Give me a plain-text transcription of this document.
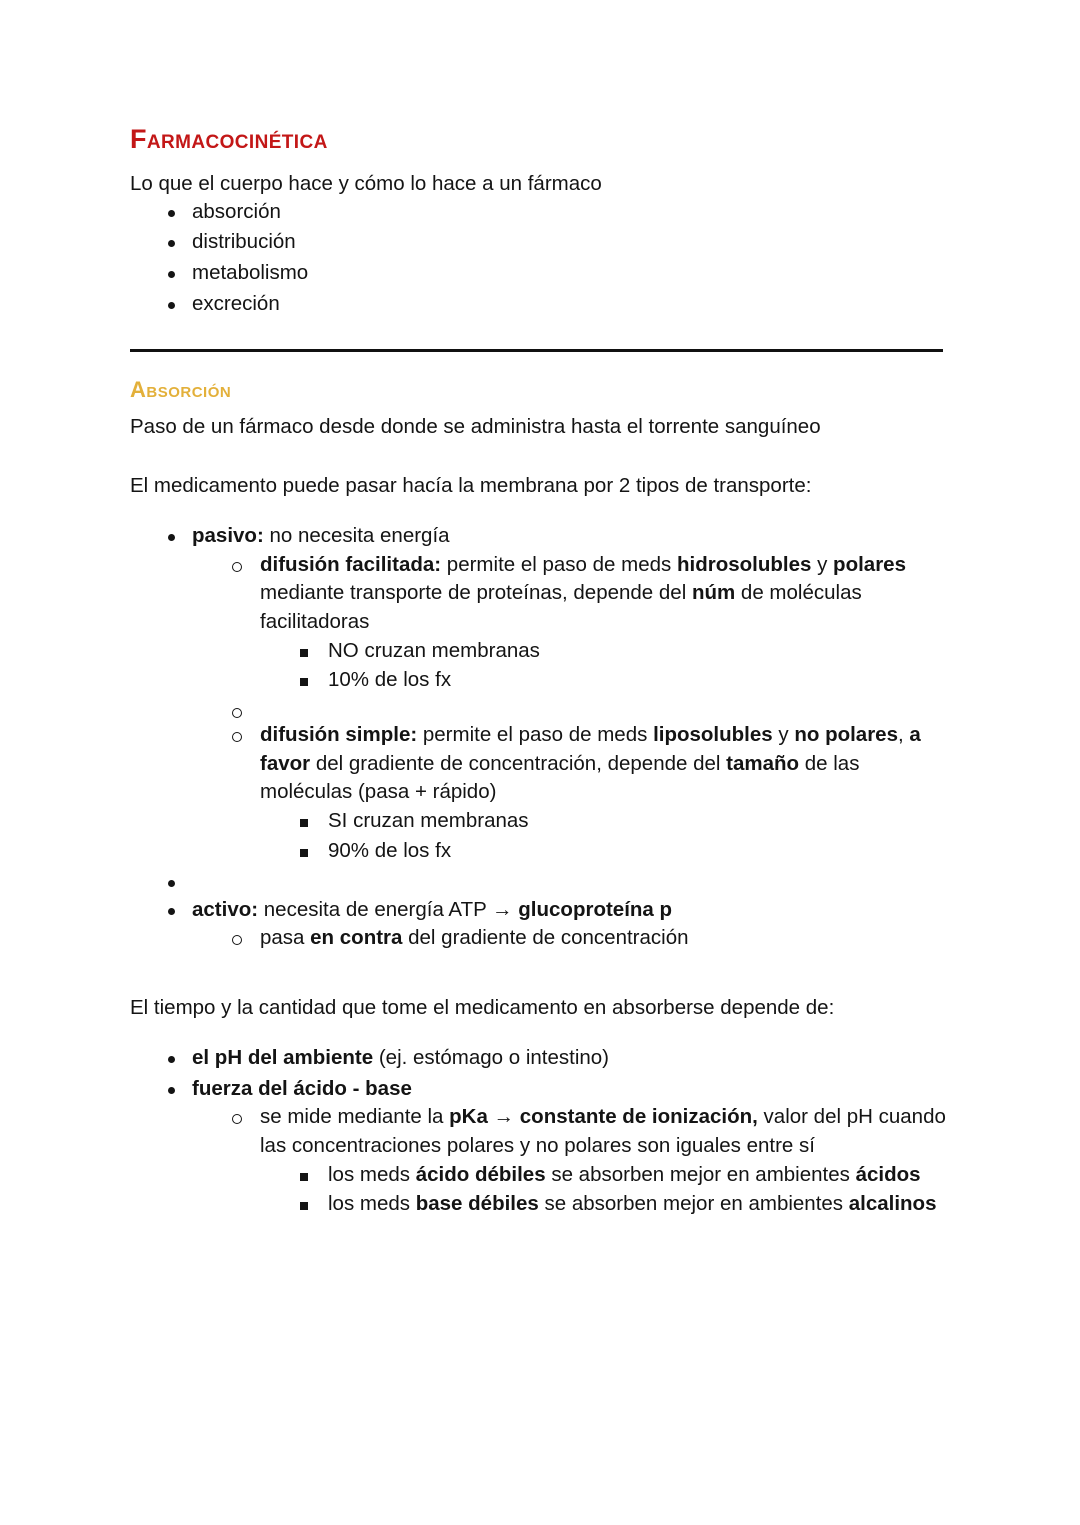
Farmacocinética

Lo que el cuerpo hace y cómo lo hace a un fármaco

absorción
distribución
metabolismo
excreción
Absorción

Paso de un fármaco desde donde se administra hasta el torrente sanguíneo

El medicamento puede pasar hacía la membrana por 2 tipos de transporte:

pasivo: no necesita energía
difusión facilitada: permite el paso de meds hidrosolubles y polares mediante transporte de proteínas, depende del núm de moléculas facilitadoras
NO cruzan membranas
10% de los fx
difusión simple: permite el paso de meds liposolubles y no polares, a favor del gradiente de concentración, depende del tamaño de las moléculas (pasa + rápido)
SI cruzan membranas
90% de los fx
activo: necesita de energía ATP → glucoproteína p
pasa en contra del gradiente de concentración

El tiempo y la cantidad que tome el medicamento en absorberse depende de:

el pH del ambiente (ej. estómago o intestino)
fuerza del ácido - base
se mide mediante la pKa → constante de ionización, valor del pH cuando las concentraciones polares y no polares son iguales entre sí
los meds ácido débiles se absorben mejor en ambientes ácidos
los meds base débiles se absorben mejor en ambientes alcalinos
